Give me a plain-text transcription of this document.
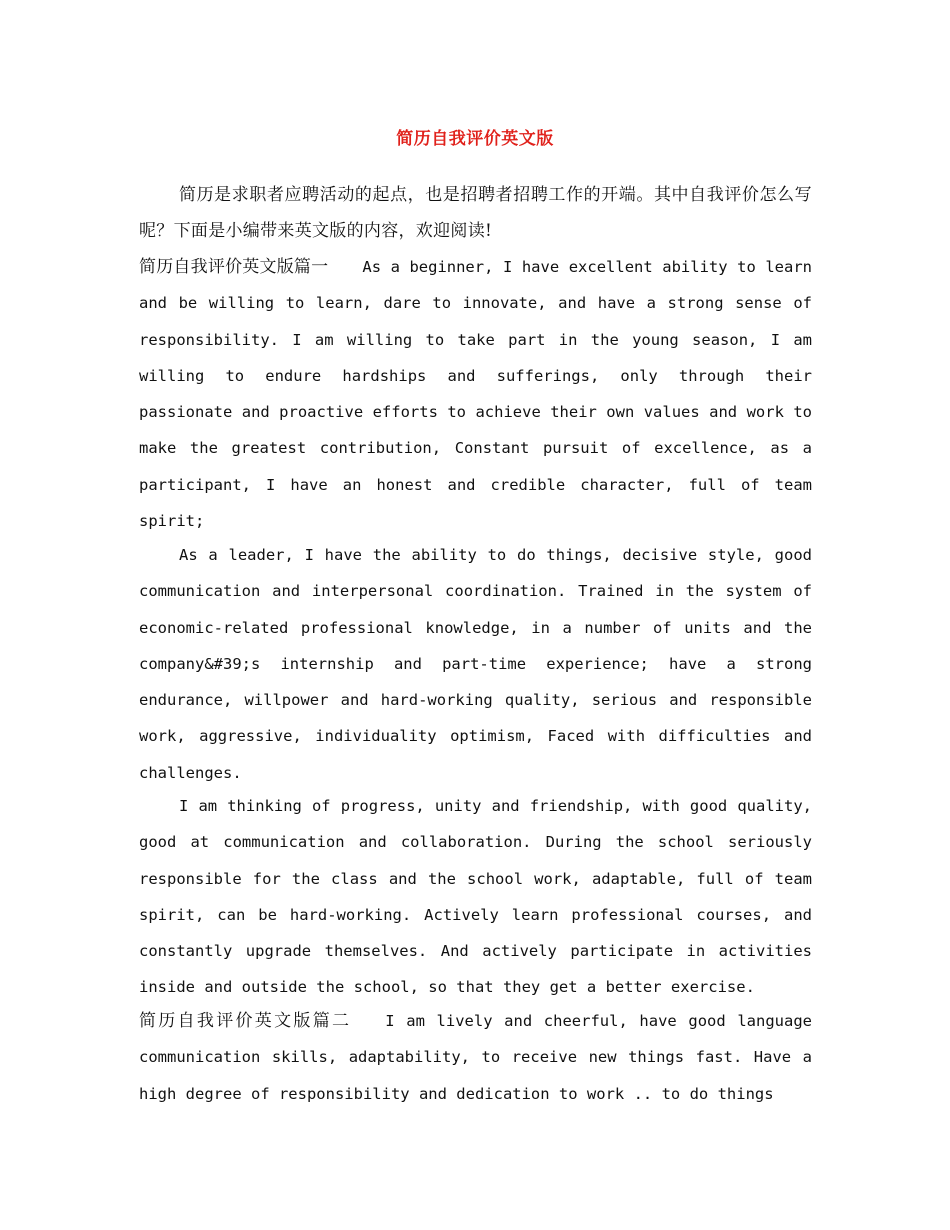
简历自我评价英文版

简历是求职者应聘活动的起点，也是招聘者招聘工作的开端。其中自我评价怎么写呢？下面是小编带来英文版的内容，欢迎阅读!

简历自我评价英文版篇一 As a beginner, I have excellent ability to learn and be willing to learn, dare to innovate, and have a strong sense of responsibility. I am willing to take part in the young season, I am willing to endure hardships and sufferings, only through their passionate and proactive efforts to achieve their own values and work to make the greatest contribution, Constant pursuit of excellence, as a participant, I have an honest and credible character, full of team spirit;

As a leader, I have the ability to do things, decisive style, good communication and interpersonal coordination. Trained in the system of economic-related professional knowledge, in a number of units and the company&#39;s internship and part-time experience; have a strong endurance, willpower and hard-working quality, serious and responsible work, aggressive, individuality optimism, Faced with difficulties and challenges.

I am thinking of progress, unity and friendship, with good quality, good at communication and collaboration. During the school seriously responsible for the class and the school work, adaptable, full of team spirit, can be hard-working. Actively learn professional courses, and constantly upgrade themselves. And actively participate in activities inside and outside the school, so that they get a better exercise.

简历自我评价英文版篇二 I am lively and cheerful, have good language communication skills, adaptability, to receive new things fast. Have a high degree of responsibility and dedication to work .. to do things
